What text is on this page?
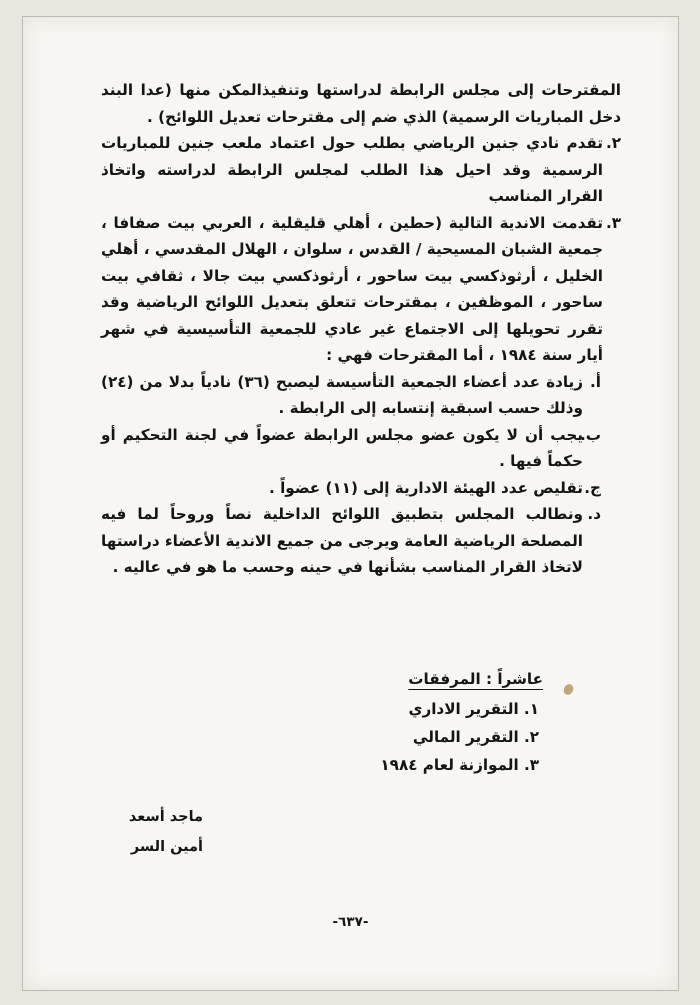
المقترحات إلى مجلس الرابطة لدراستها وتنفيذالمكن منها (عدا البند دخل المباريات الرسمية) الذي ضم إلى مقترحات تعديل اللوائح) .

٢.
تقدم نادي جنين الرياضي بطلب حول اعتماد ملعب جنين للمباريات الرسمية وقد احيل هذا الطلب لمجلس الرابطة لدراسته واتخاذ القرار المناسب

٣.
تقدمت الاندية التالية (حطين ، أهلي قليقلية ، العربي بيت صفافا ، جمعية الشبان المسيحية / القدس ، سلوان ، الهلال المقدسي ، أهلي الخليل ، أرثوذكسي بيت ساحور ، أرثوذكسي بيت جالا ، ثقافي بيت ساحور ، الموظفين ، بمقترحات تتعلق بتعديل اللوائح الرياضية وقد تقرر تحويلها إلى الاجتماع غير عادي للجمعية التأسيسية في شهر أيار سنة ١٩٨٤ ، أما المقترحات فهي :

أ.
زيادة عدد أعضاء الجمعية التأسيسة ليصبح (٣٦) نادياً بدلا من (٢٤) وذلك حسب اسبقية إنتسابه إلى الرابطة .

ب.
يجب أن لا يكون عضو مجلس الرابطة عضواً في لجنة التحكيم أو حكماً فيها .

ج.
تقليص عدد الهيئة الادارية إلى (١١) عضواً .

د.
ونطالب المجلس بتطبيق اللوائح الداخلية نصاً وروحاً لما فيه المصلحة الرياضية العامة ويرجى من جميع الاندية الأعضاء دراستها لاتخاذ القرار المناسب بشأنها في حينه وحسب ما هو في عاليه .

عاشراً : المرفقات
١. التقرير الاداري
٢. التقرير المالي
٣. الموازنة لعام ١٩٨٤
ماجد أسعد
أمين السر
-٦٣٧-
